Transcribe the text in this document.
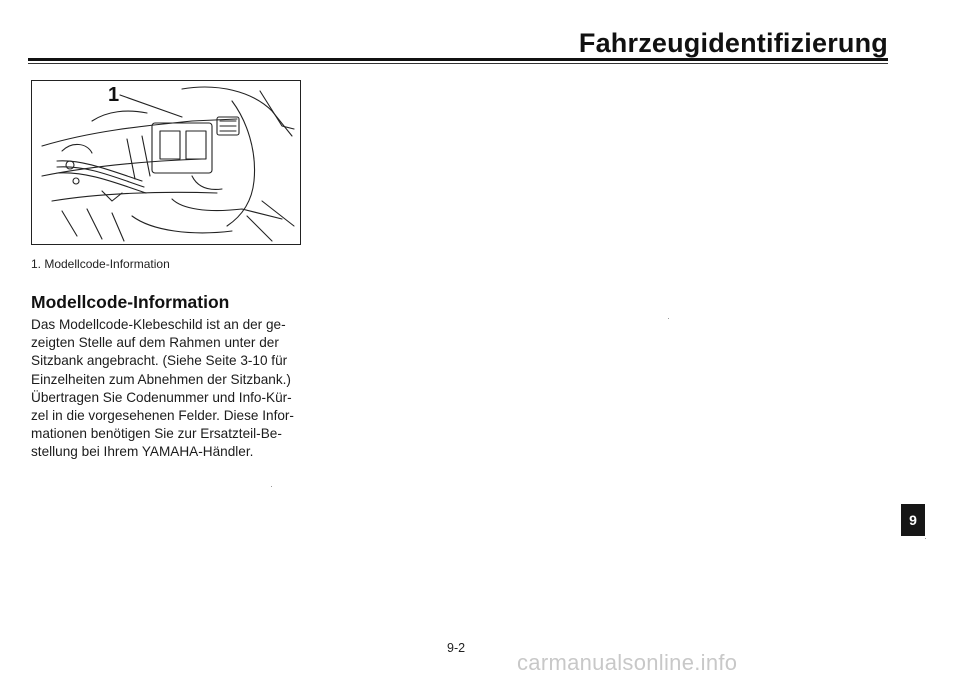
Fahrzeugidentifizierung
1
1. Modellcode-Information
Modellcode-Information
Das Modellcode-Klebeschild ist an der ge-
zeigten Stelle auf dem Rahmen unter der
Sitzbank angebracht. (Siehe Seite 3-10 für
Einzelheiten zum Abnehmen der Sitzbank.)
Übertragen Sie Codenummer und Info-Kür-
zel in die vorgesehenen Felder. Diese Infor-
mationen benötigen Sie zur Ersatzteil-Be-
stellung bei Ihrem YAMAHA-Händler.
9-2
9
carmanualsonline.info
